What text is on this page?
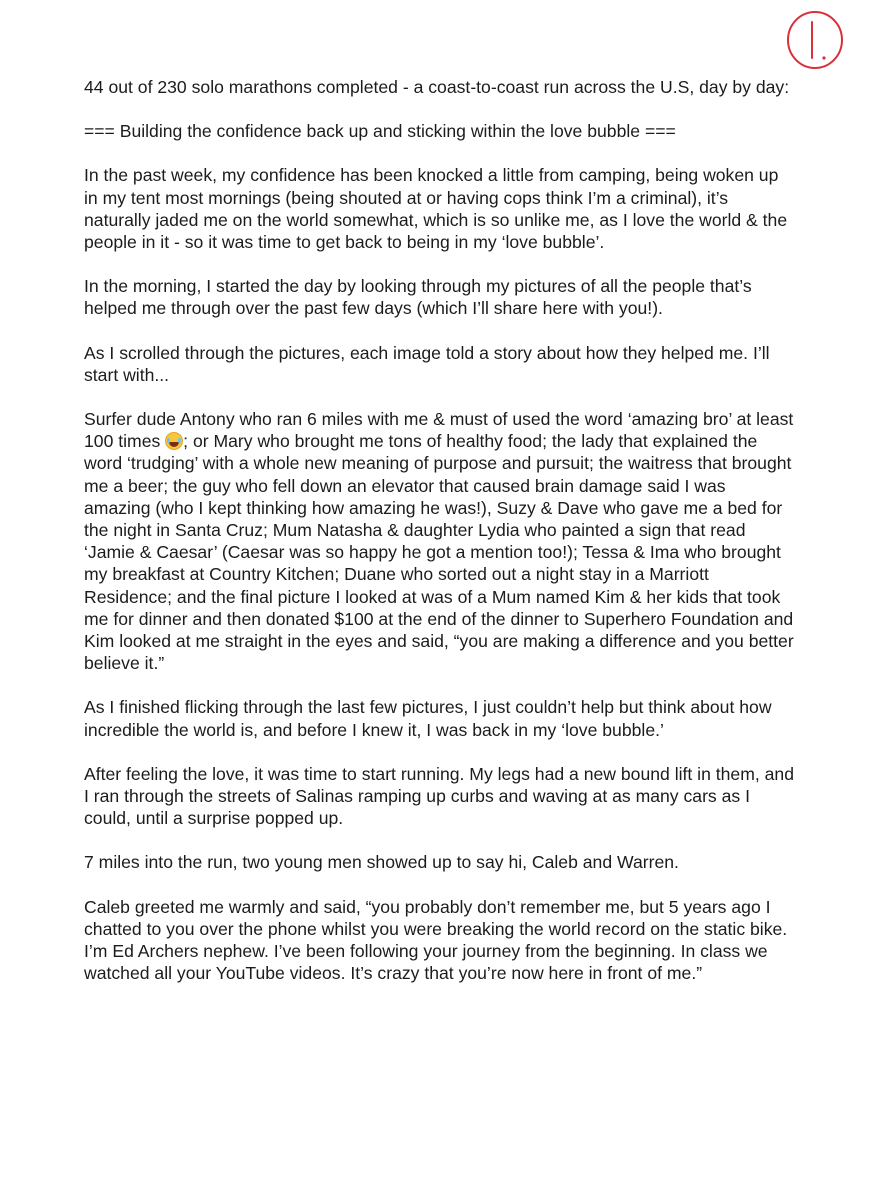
44 out of 230 solo marathons completed - a coast-to-coast run across the U.S, day by day:

=== Building the confidence back up and sticking within the love bubble ===

In the past week, my confidence has been knocked a little from camping, being woken up in my tent most mornings (being shouted at or having cops think I’m a criminal), it’s naturally jaded me on the world somewhat, which is so unlike me, as I love the world & the people in it - so it was time to get back to being in my ‘love bubble’.

In the morning, I started the day by looking through my pictures of all the people that’s helped me through over the past few days (which I’ll share here with you!).

As I scrolled through the pictures, each image told a story about how they helped me. I’ll start with...

Surfer dude Antony who ran 6 miles with me & must of used the word ‘amazing bro’ at least 100 times ; or Mary who brought me tons of healthy food; the lady that explained the word ‘trudging’ with a whole new meaning of purpose and pursuit; the waitress that brought me a beer; the guy who fell down an elevator that caused brain damage said I was amazing (who I kept thinking how amazing he was!), Suzy & Dave who gave me a bed for the night in Santa Cruz; Mum Natasha & daughter Lydia who painted a sign that read ‘Jamie & Caesar’ (Caesar was so happy he got a mention too!); Tessa & Ima who brought my breakfast at Country Kitchen; Duane who sorted out a night stay in a Marriott Residence; and the final picture I looked at was of a Mum named Kim & her kids that took me for dinner and then donated $100 at the end of the dinner to Superhero Foundation and Kim looked at me straight in the eyes and said, “you are making a difference and you better believe it.”

As I finished flicking through the last few pictures, I just couldn’t help but think about how incredible the world is, and before I knew it, I was back in my ‘love bubble.’

After feeling the love, it was time to start running. My legs had a new bound lift in them, and I ran through the streets of Salinas ramping up curbs and waving at as many cars as I could, until a surprise popped up.

7 miles into the run, two young men showed up to say hi, Caleb and Warren.

Caleb greeted me warmly and said, “you probably don’t remember me, but 5 years ago I chatted to you over the phone whilst you were breaking the world record on the static bike. I’m Ed Archers nephew. I’ve been following your journey from the beginning. In class we watched all your YouTube videos. It’s crazy that you’re now here in front of me.”
